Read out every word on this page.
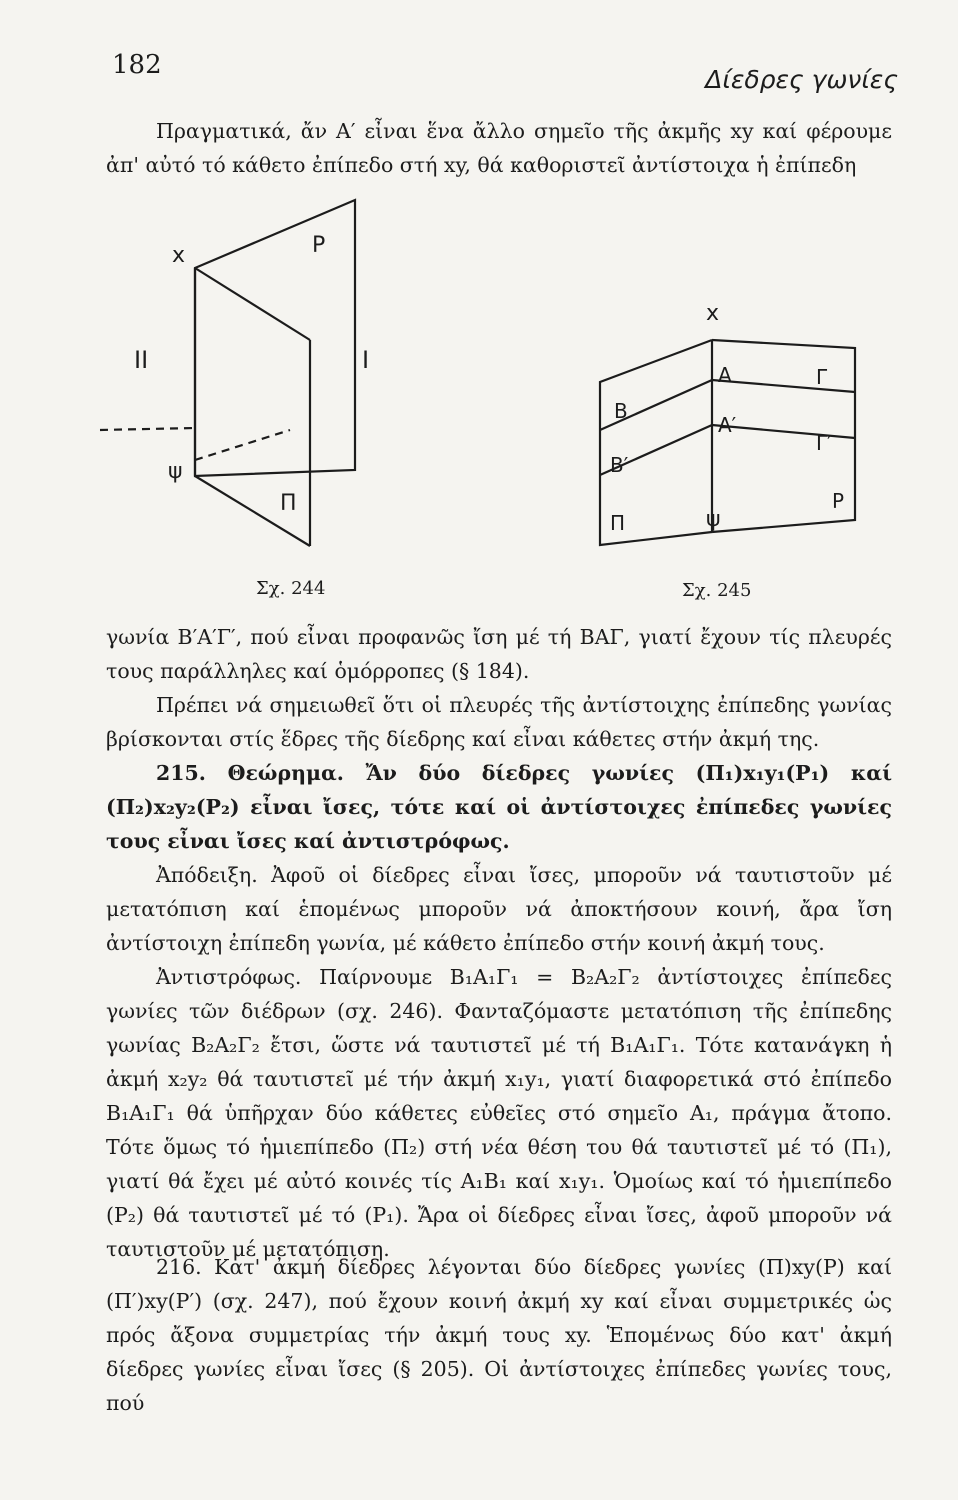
182	Δίεδρες γωνίες
Πραγματικά, ἄν Α′ εἶναι ἕνα ἄλλο σημεῖο τῆς ἀκμῆς xy καί φέρουμε ἀπ' αὐτό τό κάθετο ἐπίπεδο στή xy, θά καθοριστεῖ ἀντίστοιχα ἡ ἐπίπεδη
x
ψ
Ρ
Π
I
II
Σχ. 244
x
Α
Α′
Β
Β′
Γ
Γ′
Ρ
Π	ψ
Σχ. 245
γωνία Β′Α′Γ′, πού εἶναι προφανῶς ἴση μέ τή ΒΑΓ, γιατί ἔχουν τίς πλευρές τους παράλληλες καί ὁμόρροπες (§ 184).
Πρέπει νά σημειωθεῖ ὅτι οἱ πλευρές τῆς ἀντίστοιχης ἐπίπεδης γωνίας βρίσκονται στίς ἕδρες τῆς δίεδρης καί εἶναι κάθετες στήν ἀκμή της.
215. Θεώρημα. Ἄν δύο δίεδρες γωνίες (Π₁)x₁y₁(Ρ₁) καί (Π₂)x₂y₂(Ρ₂) εἶναι ἴσες, τότε καί οἱ ἀντίστοιχες ἐπίπεδες γωνίες τους εἶναι ἴσες καί ἀντιστρόφως.
Ἀπόδειξη. Ἀφοῦ οἱ δίεδρες εἶναι ἴσες, μποροῦν νά ταυτιστοῦν μέ μετατόπιση καί ἑπομένως μποροῦν νά ἀποκτήσουν κοινή, ἄρα ἴση ἀντίστοιχη ἐπίπεδη γωνία, μέ κάθετο ἐπίπεδο στήν κοινή ἀκμή τους.
Ἀντιστρόφως. Παίρνουμε Β₁Α₁Γ₁ = Β₂Α₂Γ₂ ἀντίστοιχες ἐπίπεδες γωνίες τῶν διέδρων (σχ. 246). Φανταζόμαστε μετατόπιση τῆς ἐπίπεδης γωνίας Β₂Α₂Γ₂ ἔτσι, ὥστε νά ταυτιστεῖ μέ τή Β₁Α₁Γ₁. Τότε κατανάγκη ἡ ἀκμή x₂y₂ θά ταυτιστεῖ μέ τήν ἀκμή x₁y₁, γιατί διαφορετικά στό ἐπίπεδο Β₁Α₁Γ₁ θά ὑπῆρχαν δύο κάθετες εὐθεῖες στό σημεῖο Α₁, πράγμα ἄτοπο. Τότε ὅμως τό ἡμιεπίπεδο (Π₂) στή νέα θέση του θά ταυτιστεῖ μέ τό (Π₁), γιατί θά ἔχει μέ αὐτό κοινές τίς Α₁Β₁ καί x₁y₁. Ὁμοίως καί τό ἡμιεπίπεδο (Ρ₂) θά ταυτιστεῖ μέ τό (Ρ₁). Ἄρα οἱ δίεδρες εἶναι ἴσες, ἀφοῦ μποροῦν νά ταυτιστοῦν μέ μετατόπιση.
216. Κατ' ἀκμή δίεδρες λέγονται δύο δίεδρες γωνίες (Π)xy(Ρ) καί (Π′)xy(Ρ′) (σχ. 247), πού ἔχουν κοινή ἀκμή xy καί εἶναι συμμετρικές ὡς πρός ἄξονα συμμετρίας τήν ἀκμή τους xy. Ἑπομένως δύο κατ' ἀκμή δίεδρες γωνίες εἶναι ἴσες (§ 205). Οἱ ἀντίστοιχες ἐπίπεδες γωνίες τους, πού
